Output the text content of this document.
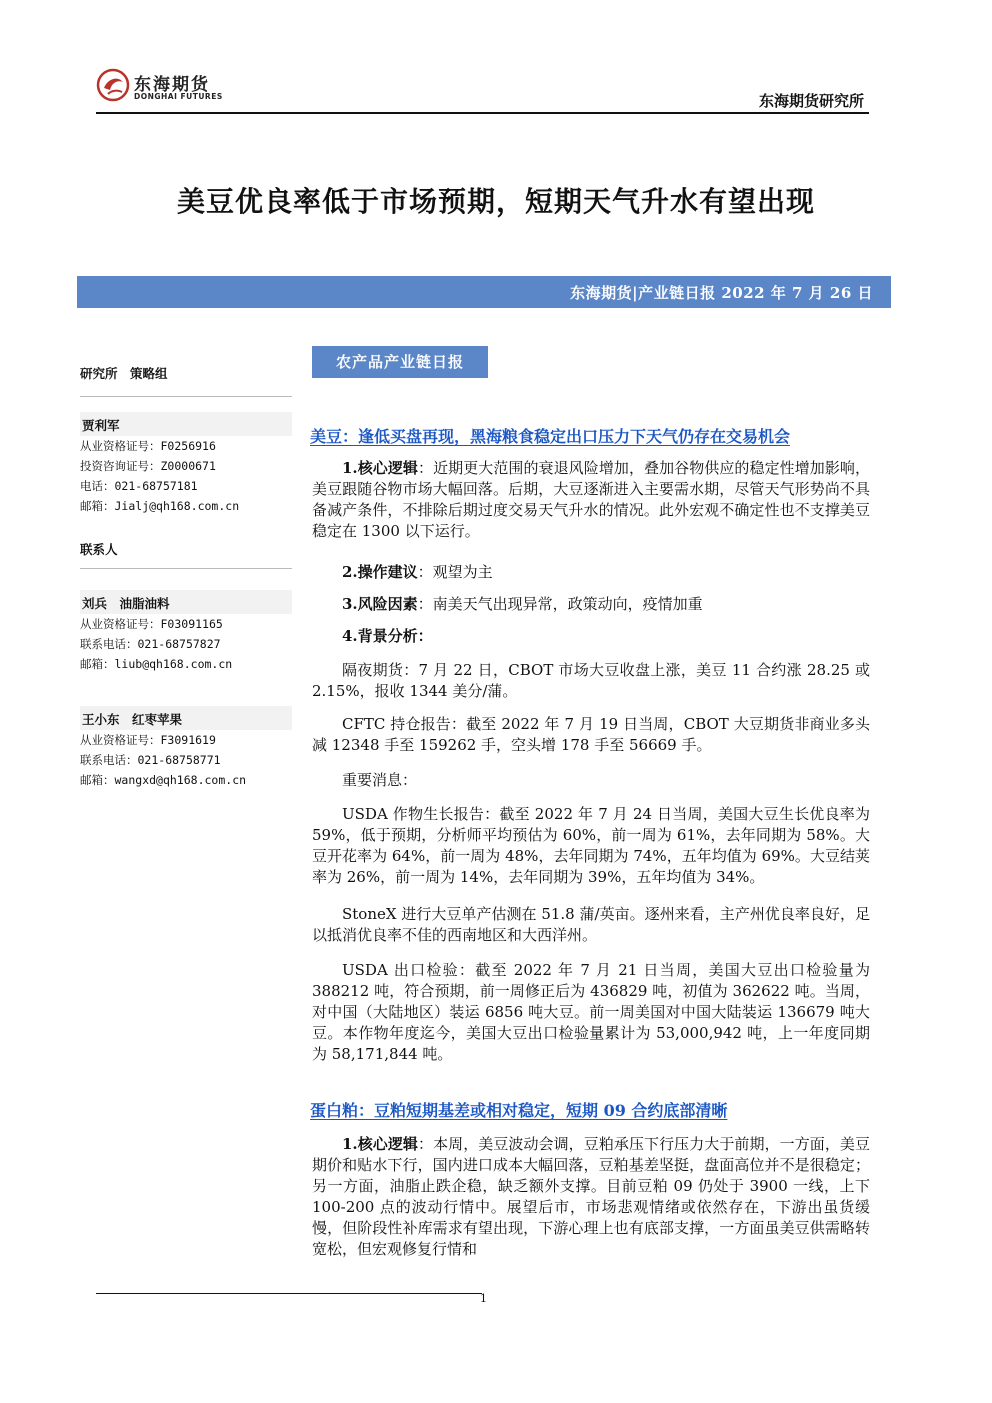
东海期货
DONGHAI FUTURES	东海期货研究所
美豆优良率低于市场预期，短期天气升水有望出现
东海期货|产业链日报 2022 年 7 月 26 日
研究所　策略组
贾利军
从业资格证号：F0256916
投资咨询证号：Z0000671
电话：021-68757181
邮箱：Jialj@qh168.com.cn
联系人
刘兵　油脂油料
从业资格证号：F03091165
联系电话：021-68757827
邮箱：liub@qh168.com.cn
王小东　红枣苹果
从业资格证号：F3091619
联系电话：021-68758771
邮箱：wangxd@qh168.com.cn
农产品产业链日报
美豆：逢低买盘再现，黑海粮食稳定出口压力下天气仍存在交易机会
1.核心逻辑：近期更大范围的衰退风险增加，叠加谷物供应的稳定性增加影响，美豆跟随谷物市场大幅回落。后期，大豆逐渐进入主要需水期，尽管天气形势尚不具备减产条件，不排除后期过度交易天气升水的情况。此外宏观不确定性也不支撑美豆稳定在 1300 以下运行。
2.操作建议：观望为主
3.风险因素：南美天气出现异常，政策动向，疫情加重
4.背景分析：
隔夜期货：7 月 22 日，CBOT 市场大豆收盘上涨，美豆 11 合约涨 28.25 或 2.15%，报收 1344 美分/蒲。
CFTC 持仓报告：截至 2022 年 7 月 19 日当周，CBOT 大豆期货非商业多头减 12348 手至 159262 手，空头增 178 手至 56669 手。
重要消息：
USDA 作物生长报告：截至 2022 年 7 月 24 日当周，美国大豆生长优良率为 59%，低于预期，分析师平均预估为 60%，前一周为 61%，去年同期为 58%。大豆开花率为 64%，前一周为 48%，去年同期为 74%，五年均值为 69%。大豆结荚率为 26%，前一周为 14%，去年同期为 39%，五年均值为 34%。
StoneX 进行大豆单产估测在 51.8 蒲/英亩。逐州来看，主产州优良率良好，足以抵消优良率不佳的西南地区和大西洋州。
USDA 出口检验：截至 2022 年 7 月 21 日当周，美国大豆出口检验量为 388212 吨，符合预期，前一周修正后为 436829 吨，初值为 362622 吨。当周，对中国（大陆地区）装运 6856 吨大豆。前一周美国对中国大陆装运 136679 吨大豆。本作物年度迄今，美国大豆出口检验量累计为 53,000,942 吨，上一年度同期为 58,171,844 吨。
蛋白粕：豆粕短期基差或相对稳定，短期 09 合约底部清晰
1.核心逻辑：本周，美豆波动会调，豆粕承压下行压力大于前期，一方面，美豆期价和贴水下行，国内进口成本大幅回落，豆粕基差坚挺，盘面高位并不是很稳定；另一方面，油脂止跌企稳，缺乏额外支撑。目前豆粕 09 仍处于 3900 一线，上下 100-200 点的波动行情中。展望后市，市场悲观情绪或依然存在，下游出虽货缓慢，但阶段性补库需求有望出现，下游心理上也有底部支撑，一方面虽美豆供需略转宽松，但宏观修复行情和
1
